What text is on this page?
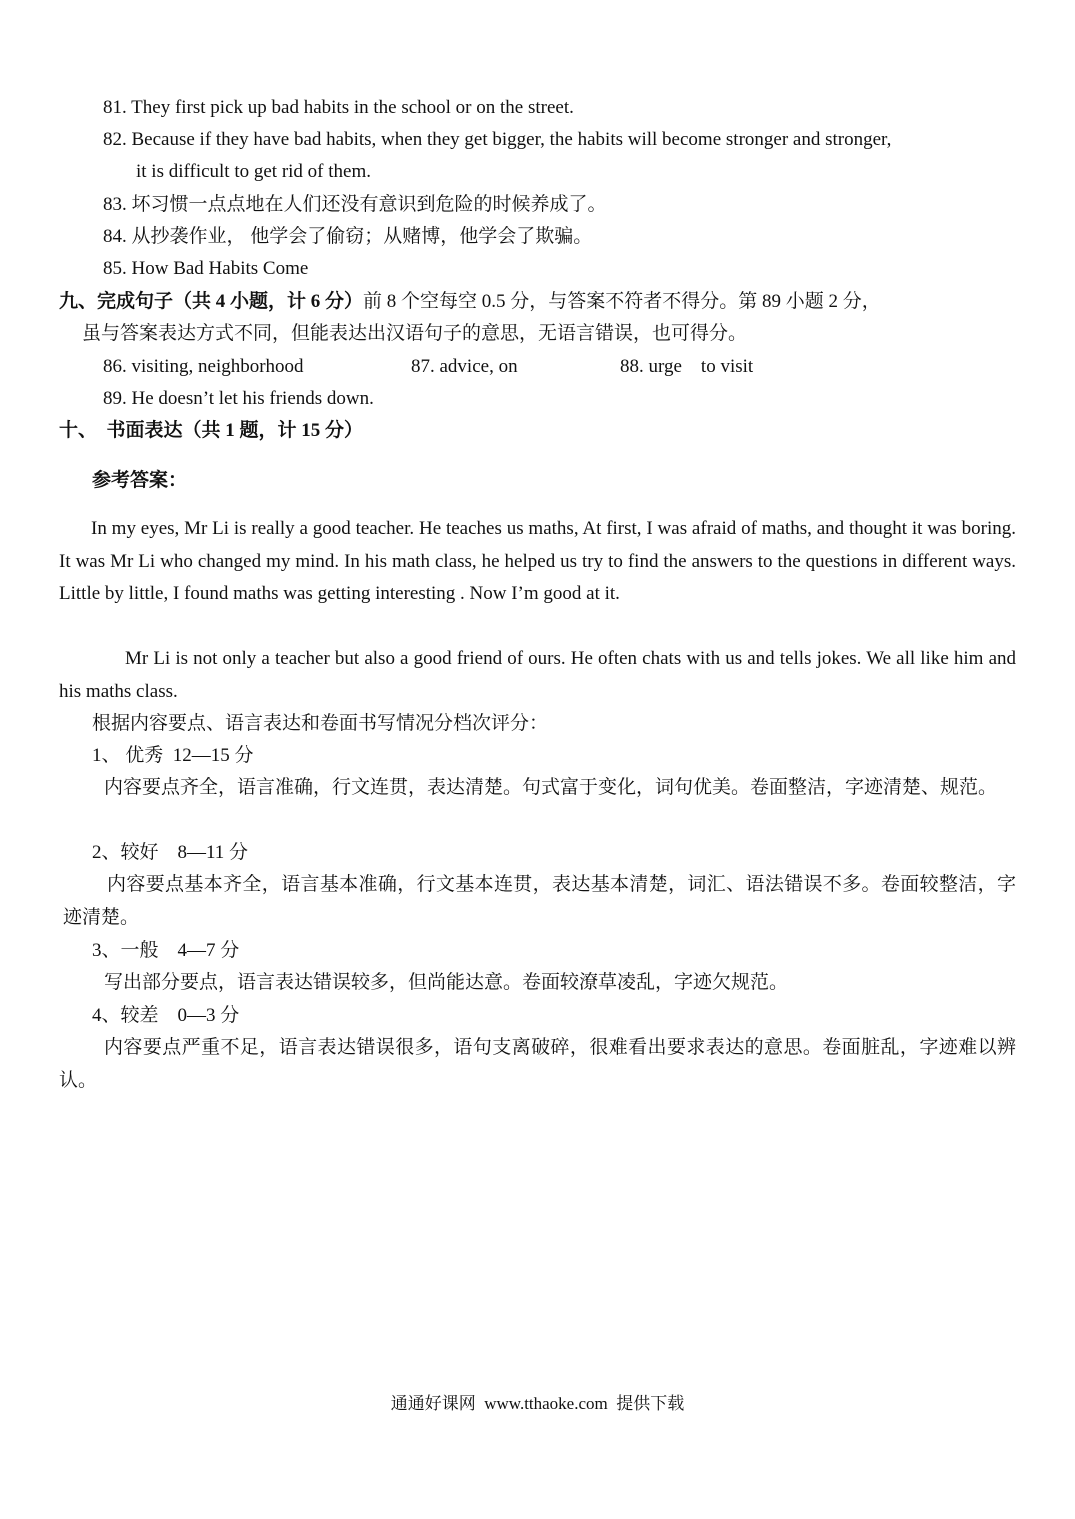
81. They first pick up bad habits in the school or on the street.
82. Because if they have bad habits, when they get bigger, the habits will become stronger and stronger,
it is difficult to get rid of them.
83. 坏习惯一点点地在人们还没有意识到危险的时候养成了。
84. 从抄袭作业， 他学会了偷窃；从赌博，他学会了欺骗。
85. How Bad Habits Come
九、完成句子（共 4 小题，计 6 分）前 8 个空每空 0.5 分，与答案不符者不得分。第 89 小题 2 分，
虽与答案表达方式不同，但能表达出汉语句子的意思，无语言错误，也可得分。
86. visiting, neighborhood	87. advice, on	88. urge    to visit
89. He doesn’t let his friends down.
十、  书面表达（共 1 题，计 15 分）
参考答案：
In my eyes, Mr Li is really a good teacher. He teaches us maths, At first, I was afraid of maths, and thought it was boring. It was Mr Li who changed my mind. In his math class, he helped us try to find the answers to the questions in different ways. Little by little, I found maths was getting interesting . Now I’m good at it.
Mr Li is not only a teacher but also a good friend of ours. He often chats with us and tells jokes. We all like him and his maths class.
根据内容要点、语言表达和卷面书写情况分档次评分：
1、 优秀  12—15 分
内容要点齐全，语言准确，行文连贯，表达清楚。句式富于变化，词句优美。卷面整洁，字迹清楚、规范。
2、较好    8—11 分
内容要点基本齐全，语言基本准确，行文基本连贯，表达基本清楚，词汇、语法错误不多。卷面较整洁，字迹清楚。
3、一般    4—7 分
写出部分要点，语言表达错误较多，但尚能达意。卷面较潦草凌乱，字迹欠规范。
4、较差    0—3 分
内容要点严重不足，语言表达错误很多，语句支离破碎，很难看出要求表达的意思。卷面脏乱，字迹难以辨认。
通通好课网  www.tthaoke.com  提供下载
